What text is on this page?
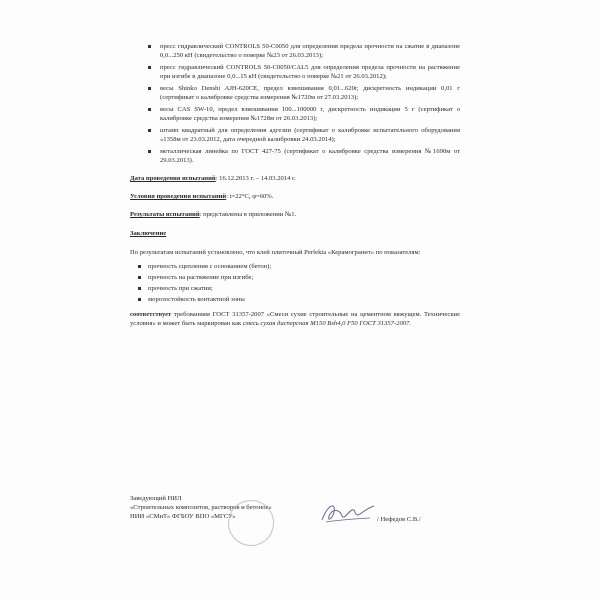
пресс гидравлический CONTROLS 50-C0050 для определения предела прочности на сжатие в диапазоне 0,0...250 кН (свидетельство о поверке №23 от 26.03.2013);
пресс гидравлический CONTROLS 50-C0050/CAL5 для определения предела прочности на растяжение при изгибе в диапазоне 0,0...15 кН (свидетельство о поверке №21 от 26.03.2012);
весы Shinko Denshi AJH-620CE, предел взвешивания 0,01...620г, дискретность индикации 0,01 г (сертификат о калибровке средства измерения №1720м от 27.03.2013);
весы CAS SW-10, предел взвешивания 100...100000 г, дискретность индикации 5 г (сертификат о калибровке средства измерения №1728м от 26.03.2013);
штамп квадратный для определения адгезии (сертификат о калибровке испытательного оборудования «1358м от 23.03.2012, дата очередной калибровки 24.03.2014);
металлическая линейка по ГОСТ 427-75 (сертификат о калибровке средства измерения №1690м от 29.03.2013).

Дата проведения испытаний: 16.12.2013 г. – 14.03.2014 г.

Условия проведения испытаний: t=22°C, φ=60%.

Результаты испытаний: представлены в приложении №1.

Заключение
По результатам испытаний установлено, что клей плиточный Perfekta «Керамогранит» по показателям:
прочность сцепления с основанием (бетон);
прочность на растяжение при изгибе;
прочность при сжатии;
морозостойкость контактной зоны
соответствует требованиям ГОСТ 31357-2007 «Смеси сухие строительные на цементном вяжущем. Технические условия» и может быть маркирован как смесь сухая дисперсная М150 Bsh4,0 F50 ГОСТ 31357-2007.
Заведующий НИЛ
«Строительных композитов, растворов и бетонов»
НИИ «СМиТ» ФГБОУ ВПО «МГСУ»	/ Нефедов С.В./
